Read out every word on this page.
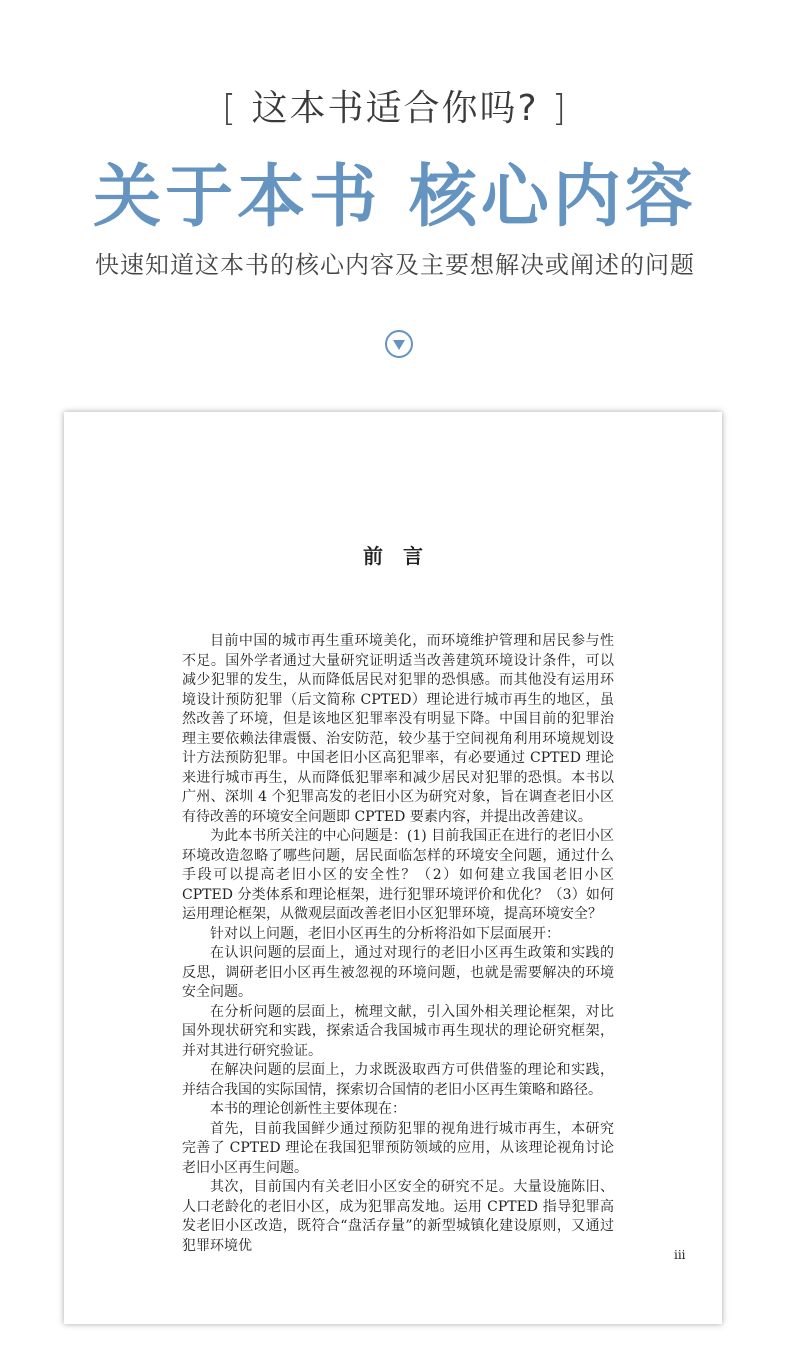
[ 这本书适合你吗? ]
关于本书 核心内容
快速知道这本书的核心内容及主要想解决或阐述的问题
前言

目前中国的城市再生重环境美化，而环境维护管理和居民参与性不足。国外学者通过大量研究证明适当改善建筑环境设计条件，可以减少犯罪的发生，从而降低居民对犯罪的恐惧感。而其他没有运用环境设计预防犯罪（后文简称 CPTED）理论进行城市再生的地区，虽然改善了环境，但是该地区犯罪率没有明显下降。中国目前的犯罪治理主要依赖法律震慑、治安防范，较少基于空间视角利用环境规划设计方法预防犯罪。中国老旧小区高犯罪率，有必要通过 CPTED 理论来进行城市再生，从而降低犯罪率和减少居民对犯罪的恐惧。本书以广州、深圳 4 个犯罪高发的老旧小区为研究对象，旨在调查老旧小区有待改善的环境安全问题即 CPTED 要素内容，并提出改善建议。

为此本书所关注的中心问题是：(1) 目前我国正在进行的老旧小区环境改造忽略了哪些问题，居民面临怎样的环境安全问题，通过什么手段可以提高老旧小区的安全性？（2）如何建立我国老旧小区 CPTED 分类体系和理论框架，进行犯罪环境评价和优化？（3）如何运用理论框架，从微观层面改善老旧小区犯罪环境，提高环境安全？

针对以上问题，老旧小区再生的分析将沿如下层面展开：

在认识问题的层面上，通过对现行的老旧小区再生政策和实践的反思，调研老旧小区再生被忽视的环境问题，也就是需要解决的环境安全问题。

在分析问题的层面上，梳理文献，引入国外相关理论框架，对比国外现状研究和实践，探索适合我国城市再生现状的理论研究框架，并对其进行研究验证。

在解决问题的层面上，力求既汲取西方可供借鉴的理论和实践，并结合我国的实际国情，探索切合国情的老旧小区再生策略和路径。

本书的理论创新性主要体现在：

首先，目前我国鲜少通过预防犯罪的视角进行城市再生，本研究完善了 CPTED 理论在我国犯罪预防领域的应用，从该理论视角讨论老旧小区再生问题。

其次，目前国内有关老旧小区安全的研究不足。大量设施陈旧、人口老龄化的老旧小区，成为犯罪高发地。运用 CPTED 指导犯罪高发老旧小区改造，既符合“盘活存量”的新型城镇化建设原则，又通过犯罪环境优

iii
